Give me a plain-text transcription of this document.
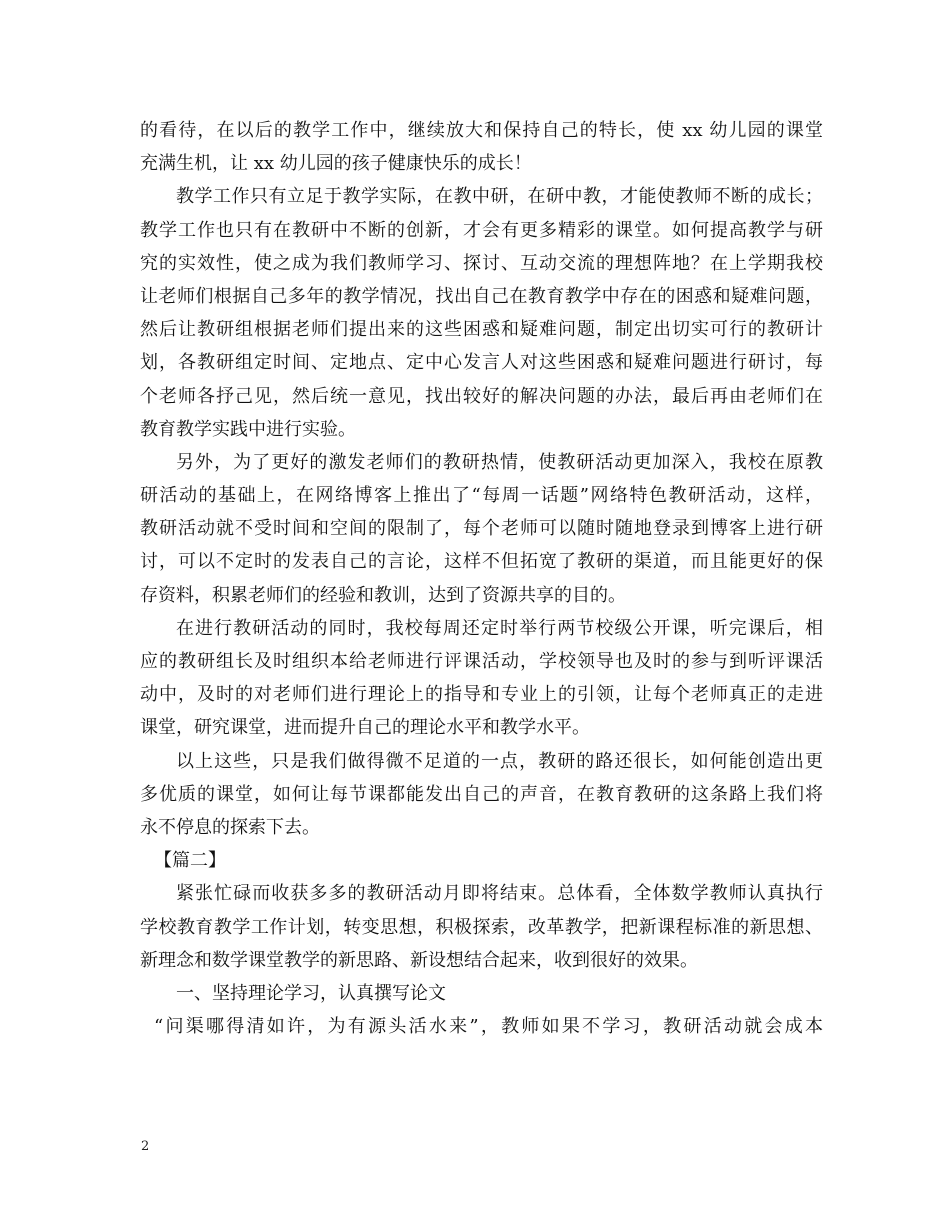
的看待，在以后的教学工作中，继续放大和保持自己的特长，使 xx 幼儿园的课堂
充满生机，让 xx 幼儿园的孩子健康快乐的成长！
教学工作只有立足于教学实际，在教中研，在研中教，才能使教师不断的成长；
教学工作也只有在教研中不断的创新，才会有更多精彩的课堂。如何提高教学与研
究的实效性，使之成为我们教师学习、探讨、互动交流的理想阵地？在上学期我校
让老师们根据自己多年的教学情况，找出自己在教育教学中存在的困惑和疑难问题，
然后让教研组根据老师们提出来的这些困惑和疑难问题，制定出切实可行的教研计
划，各教研组定时间、定地点、定中心发言人对这些困惑和疑难问题进行研讨，每
个老师各抒己见，然后统一意见，找出较好的解决问题的办法，最后再由老师们在
教育教学实践中进行实验。
另外，为了更好的激发老师们的教研热情，使教研活动更加深入，我校在原教
研活动的基础上，在网络博客上推出了“每周一话题”网络特色教研活动，这样，
教研活动就不受时间和空间的限制了，每个老师可以随时随地登录到博客上进行研
讨，可以不定时的发表自己的言论，这样不但拓宽了教研的渠道，而且能更好的保
存资料，积累老师们的经验和教训，达到了资源共享的目的。
在进行教研活动的同时，我校每周还定时举行两节校级公开课，听完课后，相
应的教研组长及时组织本给老师进行评课活动，学校领导也及时的参与到听评课活
动中，及时的对老师们进行理论上的指导和专业上的引领，让每个老师真正的走进
课堂，研究课堂，进而提升自己的理论水平和教学水平。
以上这些，只是我们做得微不足道的一点，教研的路还很长，如何能创造出更
多优质的课堂，如何让每节课都能发出自己的声音，在教育教研的这条路上我们将
永不停息的探索下去。
【篇二】
紧张忙碌而收获多多的教研活动月即将结束。总体看，全体数学教师认真执行
学校教育教学工作计划，转变思想，积极探索，改革教学，把新课程标准的新思想、
新理念和数学课堂教学的新思路、新设想结合起来，收到很好的效果。
一、坚持理论学习，认真撰写论文
“问渠哪得清如许，为有源头活水来”，教师如果不学习，教研活动就会成本
2
